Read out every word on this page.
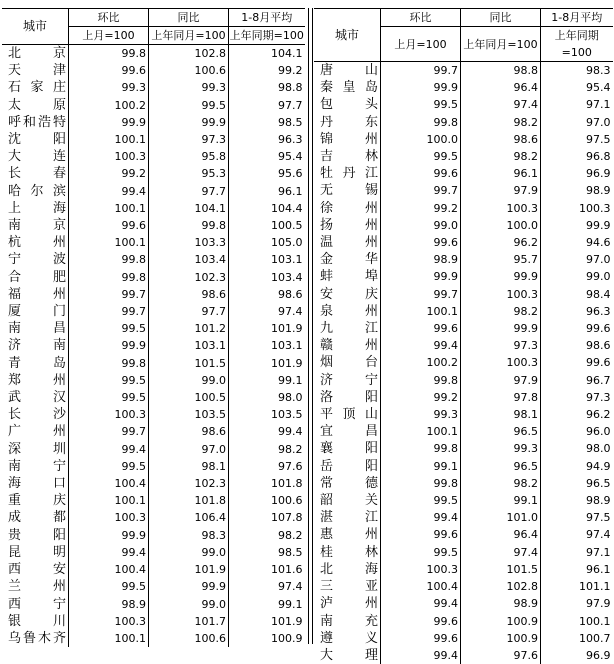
城市	环比	同比	1-8月平均
	上月=100	上年同月=100	上年同期=100

北京	99.8	102.8	104.1

天津	99.6	100.6	99.2

石家庄	99.3	99.3	98.8

太原	100.2	99.5	97.7

呼和浩特	99.9	99.9	98.5

沈阳	100.1	97.3	96.3

大连	100.3	95.8	95.4

长春	99.2	95.3	95.6

哈尔滨	99.4	97.7	96.1

上海	100.1	104.1	104.4

南京	99.6	99.8	100.5

杭州	100.1	103.3	105.0

宁波	99.8	103.4	103.1

合肥	99.8	102.3	103.4

福州	99.7	98.6	98.6

厦门	99.7	97.7	97.4

南昌	99.5	101.2	101.9

济南	99.9	103.1	103.1

青岛	99.8	101.5	101.9

郑州	99.5	99.0	99.1

武汉	99.5	100.5	98.0

长沙	100.3	103.5	103.5

广州	99.7	98.6	99.4

深圳	99.4	97.0	98.2

南宁	99.5	98.1	97.6

海口	100.4	102.3	101.8

重庆	100.1	101.8	100.6

成都	100.3	106.4	107.8

贵阳	99.9	98.3	98.2

昆明	99.4	99.0	98.5

西安	100.4	101.9	101.6

兰州	99.5	99.9	97.4

西宁	98.9	99.0	99.1

银川	100.3	101.7	101.9

乌鲁木齐	100.1	100.6	100.9
城市	环比	同比	1-8月平均
	上月=100	上年同月=100	上年同期=100

唐山	99.7	98.8	98.3

秦皇岛	99.9	96.4	95.4

包头	99.5	97.4	97.1

丹东	99.8	98.2	97.0

锦州	100.0	98.6	97.5

吉林	99.5	98.2	96.8

牡丹江	99.6	96.1	96.9

无锡	99.7	97.9	98.9

徐州	99.2	100.3	100.3

扬州	99.0	100.0	99.9

温州	99.6	96.2	94.6

金华	98.9	95.7	97.0

蚌埠	99.9	99.9	99.0

安庆	99.7	100.3	98.4

泉州	100.1	98.2	96.3

九江	99.6	99.9	99.6

赣州	99.4	97.3	98.6

烟台	100.2	100.3	99.6

济宁	99.8	97.9	96.7

洛阳	99.2	97.8	97.3

平顶山	99.3	98.1	96.2

宜昌	100.1	96.5	96.0

襄阳	99.8	99.3	98.0

岳阳	99.1	96.5	94.9

常德	99.8	98.2	96.5

韶关	99.5	99.1	98.9

湛江	99.4	101.0	97.5

惠州	99.6	96.4	97.4

桂林	99.5	97.4	97.1

北海	100.3	101.5	96.1

三亚	100.4	102.8	101.1

泸州	99.4	98.9	97.9

南充	99.6	100.9	100.1

遵义	99.6	100.9	100.7

大理	99.4	97.6	96.9
